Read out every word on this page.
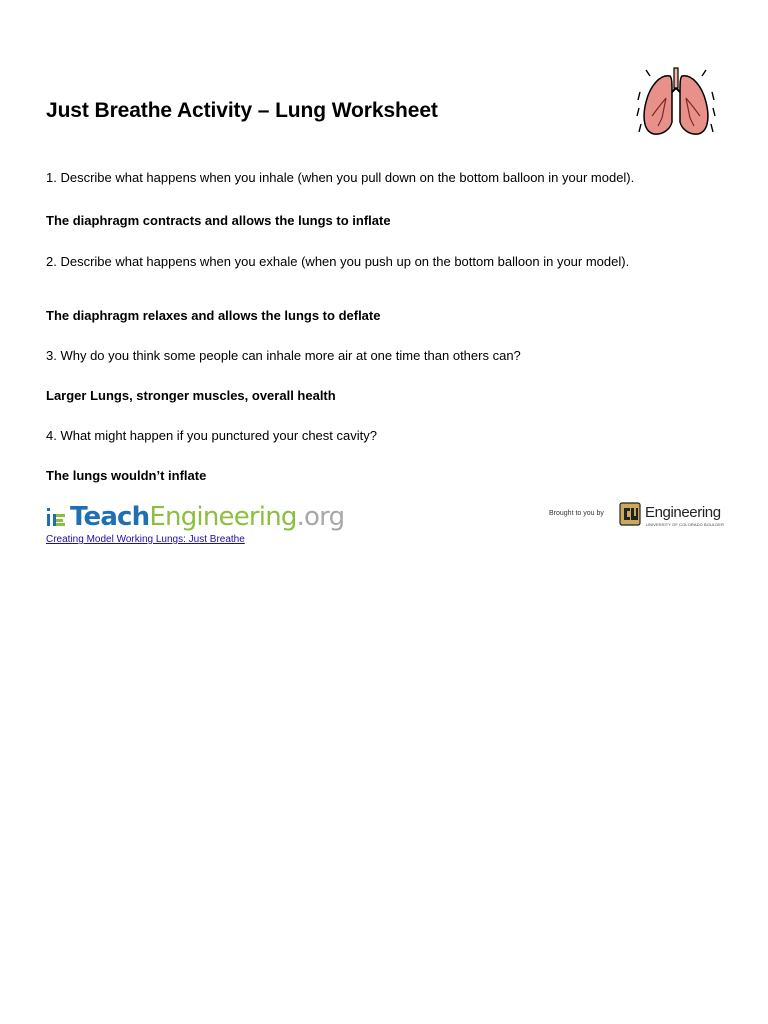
Just Breathe Activity – Lung Worksheet

1. Describe what happens when you inhale (when you pull down on the bottom balloon in your model).

The diaphragm contracts and allows the lungs to inflate

2. Describe what happens when you exhale (when you push up on the bottom balloon in your model).

The diaphragm relaxes and allows the lungs to deflate

3. Why do you think some people can inhale more air at one time than others can?

Larger Lungs, stronger muscles, overall health

4. What might happen if you punctured your chest cavity?

The lungs wouldn’t inflate

TeachEngineering.org
Creating Model Working Lungs: Just Breathe
Brought to you by	Engineering
UNIVERSITY OF COLORADO BOULDER
